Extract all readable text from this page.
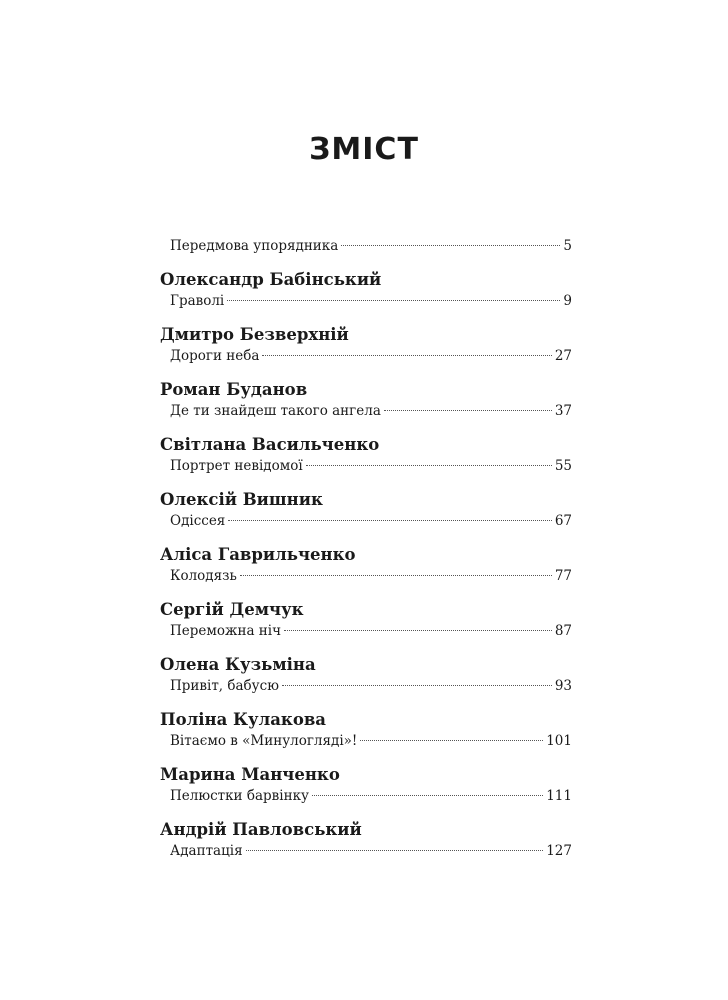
ЗМІСТ
Передмова упорядника	5
Олександр Бабінський
Граволі	9
Дмитро Безверхній
Дороги неба	27
Роман Буданов
Де ти знайдеш такого ангела	37
Світлана Васильченко
Портрет невідомої	55
Олексій Вишник
Одіссея	67
Аліса Гаврильченко
Колодязь	77
Сергій Демчук
Переможна ніч	87
Олена Кузьміна
Привіт, бабусю	93
Поліна Кулакова
Вітаємо в «Минулогляді»!	101
Марина Манченко
Пелюстки барвінку	111
Андрій Павловський
Адаптація	127
